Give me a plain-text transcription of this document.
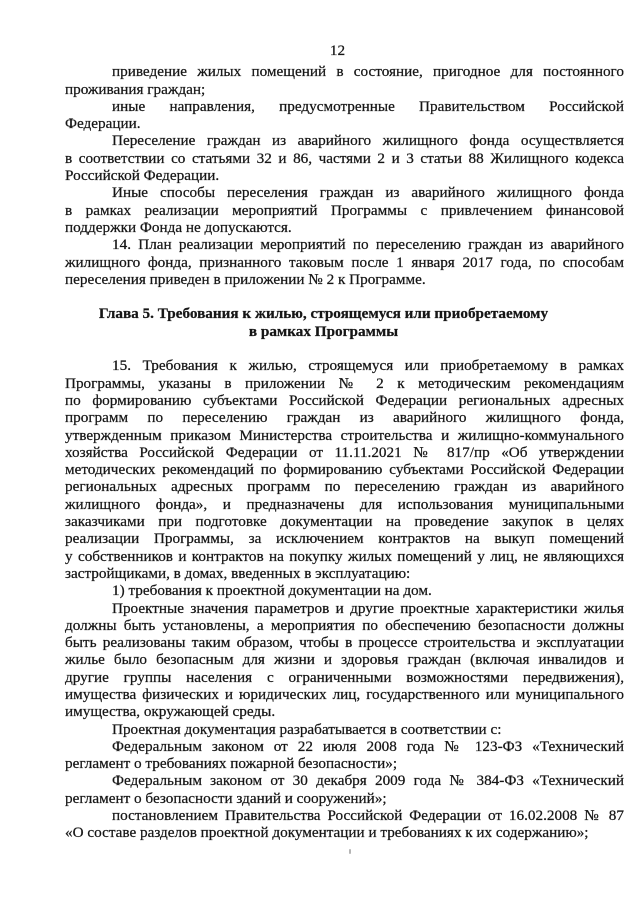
12
приведение жилых помещений в состояние, пригодное для постоянного
проживания граждан;
иные направления, предусмотренные Правительством Российской
Федерации.
Переселение граждан из аварийного жилищного фонда осуществляется
в соответствии со статьями 32 и 86, частями 2 и 3 статьи 88 Жилищного кодекса
Российской Федерации.
Иные способы переселения граждан из аварийного жилищного фонда
в рамках реализации мероприятий Программы с привлечением финансовой
поддержки Фонда не допускаются.
14. План реализации мероприятий по переселению граждан из аварийного
жилищного фонда, признанного таковым после 1 января 2017 года, по способам
переселения приведен в приложении № 2 к Программе.
Глава 5. Требования к жилью, строящемуся или приобретаемому
в рамках Программы
15. Требования к жилью, строящемуся или приобретаемому в рамках
Программы, указаны в приложении № 2 к методическим рекомендациям
по формированию субъектами Российской Федерации региональных адресных
программ по переселению граждан из аварийного жилищного фонда,
утвержденным приказом Министерства строительства и жилищно-коммунального
хозяйства Российской Федерации от 11.11.2021 № 817/пр «Об утверждении
методических рекомендаций по формированию субъектами Российской Федерации
региональных адресных программ по переселению граждан из аварийного
жилищного фонда», и предназначены для использования муниципальными
заказчиками при подготовке документации на проведение закупок в целях
реализации Программы, за исключением контрактов на выкуп помещений
у собственников и контрактов на покупку жилых помещений у лиц, не являющихся
застройщиками, в домах, введенных в эксплуатацию:
1) требования к проектной документации на дом.
Проектные значения параметров и другие проектные характеристики жилья
должны быть установлены, а мероприятия по обеспечению безопасности должны
быть реализованы таким образом, чтобы в процессе строительства и эксплуатации
жилье было безопасным для жизни и здоровья граждан (включая инвалидов и
другие группы населения с ограниченными возможностями передвижения),
имущества физических и юридических лиц, государственного или муниципального
имущества, окружающей среды.
Проектная документация разрабатывается в соответствии с:
Федеральным законом от 22 июля 2008 года № 123-ФЗ «Технический
регламент о требованиях пожарной безопасности»;
Федеральным законом от 30 декабря 2009 года № 384-ФЗ «Технический
регламент о безопасности зданий и сооружений»;
постановлением Правительства Российской Федерации от 16.02.2008 № 87
«О составе разделов проектной документации и требованиях к их содержанию»;
